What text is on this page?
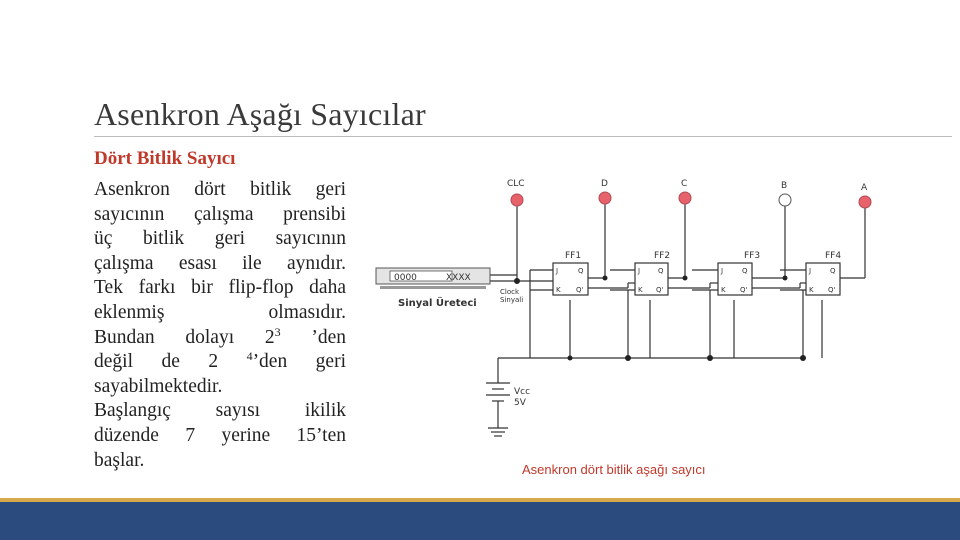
Asenkron Aşağı Sayıcılar
Dört Bitlik Sayıcı
Asenkron dört bitlik geri
sayıcının çalışma prensibi
üç bitlik geri sayıcının
çalışma esası ile aynıdır.
Tek farkı bir flip-flop daha
eklenmiş olmasıdır.
Bundan dolayı $2^3$ ’den
değil de 2 $^4$’den geri
sayabilmektedir.
Başlangıç sayısı ikilik
düzende 7 yerine 15’ten
başlar.
CLC	D	C	B	A
FF1
J
K
Q
Q'
FF2
J
K
Q
Q'
FF3
J
K
Q
Q'
FF4
J
K
Q
Q'
0000	XXXX
Sinyal Üreteci
Clock
Sinyali
Vcc
5V
Asenkron dört bitlik aşağı sayıcı
